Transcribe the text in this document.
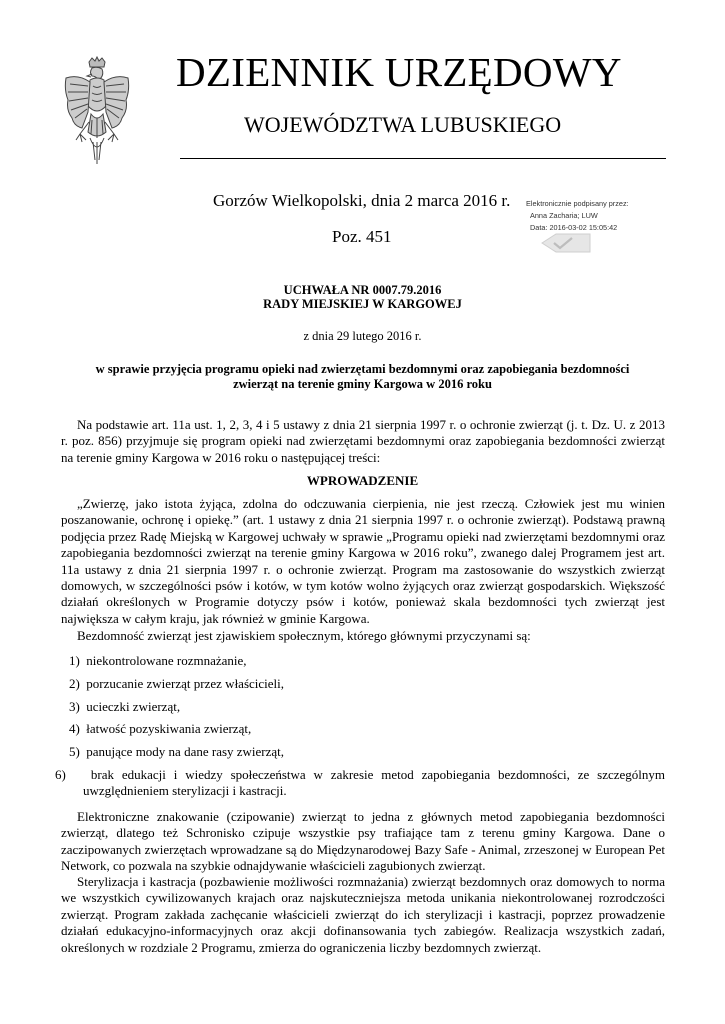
DZIENNIK URZĘDOWY
WOJEWÓDZTWA LUBUSKIEGO
Gorzów Wielkopolski, dnia 2 marca 2016 r.
Poz. 451
Elektronicznie podpisany przez:
Anna Zacharia; LUW
Data: 2016-03-02 15:05:42
UCHWAŁA NR 0007.79.2016
RADY MIEJSKIEJ W KARGOWEJ
z dnia 29 lutego 2016 r.
w sprawie przyjęcia programu opieki nad zwierzętami bezdomnymi oraz zapobiegania bezdomności
zwierząt na terenie gminy Kargowa w 2016 roku

Na podstawie art. 11a ust. 1, 2, 3, 4 i 5 ustawy z dnia 21 sierpnia 1997 r. o ochronie zwierząt (j. t. Dz. U. z 2013 r. poz. 856) przyjmuje się program opieki nad zwierzętami bezdomnymi oraz zapobiegania bezdomności zwierząt na terenie gminy Kargowa w 2016 roku o następującej treści:

WPROWADZENIE

„Zwierzę, jako istota żyjąca, zdolna do odczuwania cierpienia, nie jest rzeczą. Człowiek jest mu winien poszanowanie, ochronę i opiekę.” (art. 1 ustawy z dnia 21 sierpnia 1997 r. o ochronie zwierząt). Podstawą prawną podjęcia przez Radę Miejską w Kargowej uchwały w sprawie „Programu opieki nad zwierzętami bezdomnymi oraz zapobiegania bezdomności zwierząt na terenie gminy Kargowa w 2016 roku”, zwanego dalej Programem jest art. 11a ustawy z dnia 21 sierpnia 1997 r. o ochronie zwierząt. Program ma zastosowanie do wszystkich zwierząt domowych, w szczególności psów i kotów, w tym kotów wolno żyjących oraz zwierząt gospodarskich. Większość działań określonych w Programie dotyczy psów i kotów, ponieważ skala bezdomności tych zwierząt jest największa w całym kraju, jak również w gminie Kargowa.

Bezdomność zwierząt jest zjawiskiem społecznym, którego głównymi przyczynami są:

1) niekontrolowane rozmnażanie,

2) porzucanie zwierząt przez właścicieli,

3) ucieczki zwierząt,

4) łatwość pozyskiwania zwierząt,

5) panujące mody na dane rasy zwierząt,

6) brak edukacji i wiedzy społeczeństwa w zakresie metod zapobiegania bezdomności, ze szczególnym uwzględnieniem sterylizacji i kastracji.

Elektroniczne znakowanie (czipowanie) zwierząt to jedna z głównych metod zapobiegania bezdomności zwierząt, dlatego też Schronisko czipuje wszystkie psy trafiające tam z terenu gminy Kargowa. Dane o zaczipowanych zwierzętach wprowadzane są do Międzynarodowej Bazy Safe - Animal, zrzeszonej w European Pet Network, co pozwala na szybkie odnajdywanie właścicieli zagubionych zwierząt.

Sterylizacja i kastracja (pozbawienie możliwości rozmnażania) zwierząt bezdomnych oraz domowych to norma we wszystkich cywilizowanych krajach oraz najskuteczniejsza metoda unikania niekontrolowanej rozrodczości zwierząt. Program zakłada zachęcanie właścicieli zwierząt do ich sterylizacji i kastracji, poprzez prowadzenie działań edukacyjno-informacyjnych oraz akcji dofinansowania tych zabiegów. Realizacja wszystkich zadań, określonych w rozdziale 2 Programu, zmierza do ograniczenia liczby bezdomnych zwierząt.
